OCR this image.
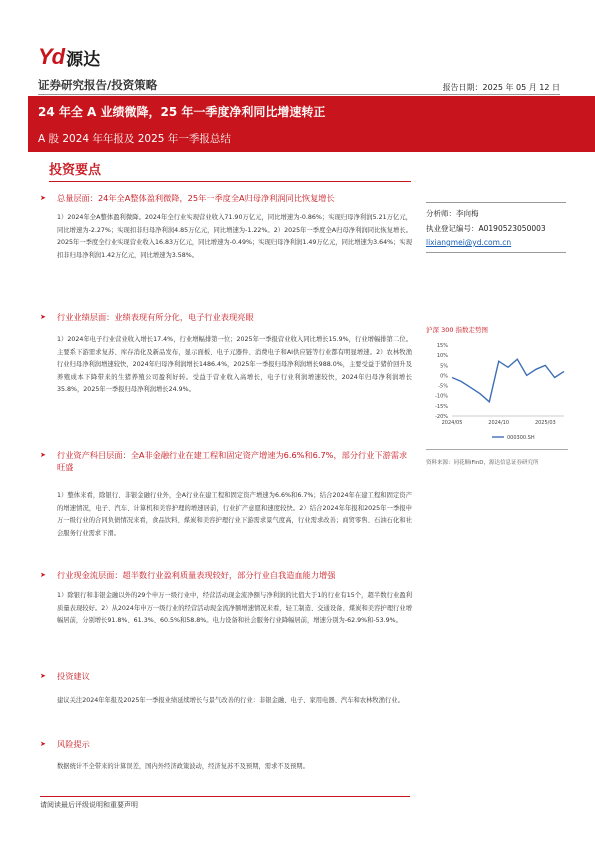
Yd 源达
证券研究报告/投资策略	报告日期：2025 年 05 月 12 日
24 年全 A 业绩微降，25 年一季度净利同比增速转正
A 股 2024 年年报及 2025 年一季报总结
投资要点
➤	总量层面：24年全A整体盈利微降，25年一季度全A归母净利润同比恢复增长
1）2024年全A整体盈利微降。2024年全行业实现营业收入71.90万亿元，同比增速为-0.86%；实现归母净利润5.21万亿元，同比增速为-2.27%；实现扣非归母净利润4.85万亿元，同比增速为-1.22%。2）2025年一季度全A归母净利润同比恢复增长。2025年一季度全行业实现营业收入16.83万亿元，同比增速为-0.49%；实现归母净利润1.49万亿元，同比增速为3.64%；实现扣非归母净利润1.42万亿元，同比增速为3.58%。
➤	行业业绩层面：业绩表现有所分化，电子行业表现亮眼
1）2024年电子行业营业收入增长17.4%，行业增幅排第一位；2025年一季报营业收入同比增长15.9%，行业增幅排第二位。主要系下游需求复苏、库存消化及新品发布，显示面板、电子元器件、消费电子和AI供应链等行业都有明显增速。2）农林牧渔行业归母净利润增速较快，2024年归母净利润增长1486.4%，2025年一季报归母净利润增长988.0%，主要受益于猪价回升及养殖成本下降带来的生猪养殖公司盈利好转。受益于营业收入高增长，电子行业利润增速较快，2024年归母净利润增长35.8%，2025年一季报归母净利润增长24.9%。
➤	行业资产科目层面：全A非金融行业在建工程和固定资产增速为6.6%和6.7%，部分行业下游需求旺盛
1）整体来看，除银行、非银金融行业外，全A行业在建工程和固定资产增速为6.6%和6.7%；结合2024年在建工程和固定资产的增速情况，电子、汽车、计算机和美容护理的增速居前，行业扩产意愿和速度较快。2）结合2024年年报和2025年一季报申万一级行业的合同负债情况来看，食品饮料、煤炭和美容护理行业下游需求景气度高，行业需求改善；商贸零售、石油石化和社会服务行业需求下滑。
➤	行业现金流层面：超半数行业盈利质量表现较好，部分行业自我造血能力增强
1）除银行和非银金融以外的29个申万一级行业中，经营活动现金流净额与净利润的比值大于1的行业有15个，超半数行业盈利质量表现较好。2）从2024年申万一级行业的经营活动现金流净额增速情况来看，轻工制造、交通设备、煤炭和美容护理行业增幅居前，分别增长91.8%、61.3%、60.5%和58.8%。电力设备和社会服务行业降幅居前，增速分别为-62.9%和-53.9%。
➤	投资建议
建议关注2024年年报及2025年一季报业绩延续增长与景气改善的行业：非银金融、电子、家用电器、汽车和农林牧渔行业。
➤	风险提示
数据统计不全带来的计算误差，国内外经济政策波动，经济复苏不及预期，需求不及预期。
请阅读最后评级说明和重要声明
分析师：李向梅
执业登记编号：A0190523050003
lixiangmei@yd.com.cn
沪深 300 指数走势图
15%
10%
5%
0%
-5%
-10%
-15%
-20%
2024/05	2024/10	2025/03
000300.SH
资料来源：同花顺iFinD，源达信息证券研究所
